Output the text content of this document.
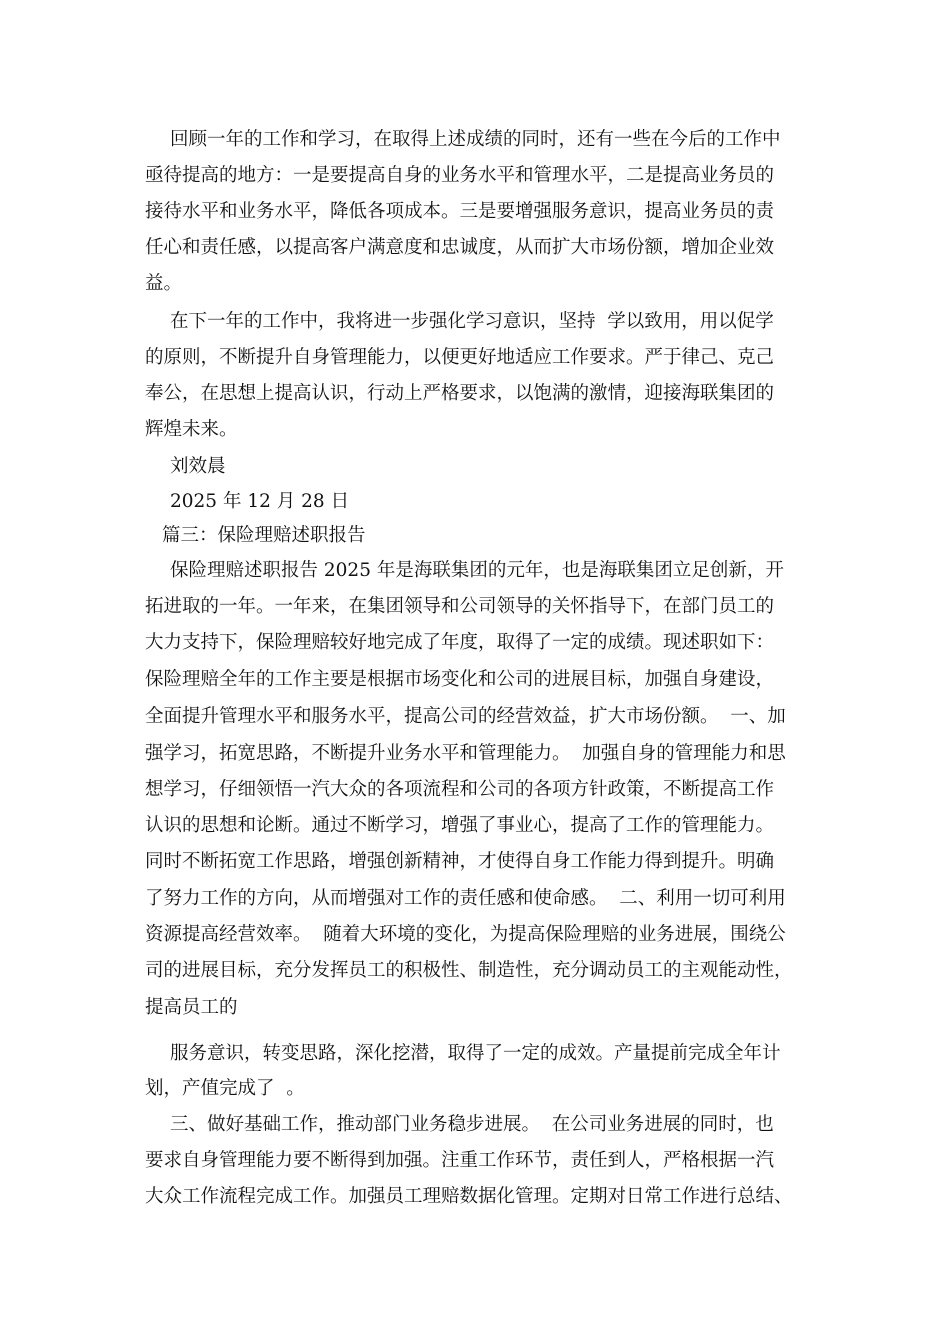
回顾一年的工作和学习，在取得上述成绩的同时，还有一些在今后的工作中
亟待提高的地方：一是要提高自身的业务水平和管理水平，二是提高业务员的
接待水平和业务水平，降低各项成本。三是要增强服务意识，提高业务员的责
任心和责任感，以提高客户满意度和忠诚度，从而扩大市场份额，增加企业效
益。
在下一年的工作中，我将进一步强化学习意识，坚持  学以致用，用以促学
的原则，不断提升自身管理能力，以便更好地适应工作要求。严于律己、克己
奉公，在思想上提高认识，行动上严格要求，以饱满的激情，迎接海联集团的
辉煌未来。
刘效晨
2025 年 12 月 28 日
篇三：保险理赔述职报告
保险理赔述职报告 2025 年是海联集团的元年，也是海联集团立足创新，开
拓进取的一年。一年来，在集团领导和公司领导的关怀指导下，在部门员工的
大力支持下，保险理赔较好地完成了年度，取得了一定的成绩。现述职如下：
保险理赔全年的工作主要是根据市场变化和公司的进展目标，加强自身建设，
全面提升管理水平和服务水平，提高公司的经营效益，扩大市场份额。  一、加
强学习，拓宽思路，不断提升业务水平和管理能力。  加强自身的管理能力和思
想学习，仔细领悟一汽大众的各项流程和公司的各项方针政策，不断提高工作
认识的思想和论断。通过不断学习，增强了事业心，提高了工作的管理能力。
同时不断拓宽工作思路，增强创新精神，才使得自身工作能力得到提升。明确
了努力工作的方向，从而增强对工作的责任感和使命感。  二、利用一切可利用
资源提高经营效率。  随着大环境的变化，为提高保险理赔的业务进展，围绕公
司的进展目标，充分发挥员工的积极性、制造性，充分调动员工的主观能动性，
提高员工的
服务意识，转变思路，深化挖潜，取得了一定的成效。产量提前完成全年计
划，产值完成了  。
三、做好基础工作，推动部门业务稳步进展。  在公司业务进展的同时，也
要求自身管理能力要不断得到加强。注重工作环节，责任到人，严格根据一汽
大众工作流程完成工作。加强员工理赔数据化管理。定期对日常工作进行总结、
